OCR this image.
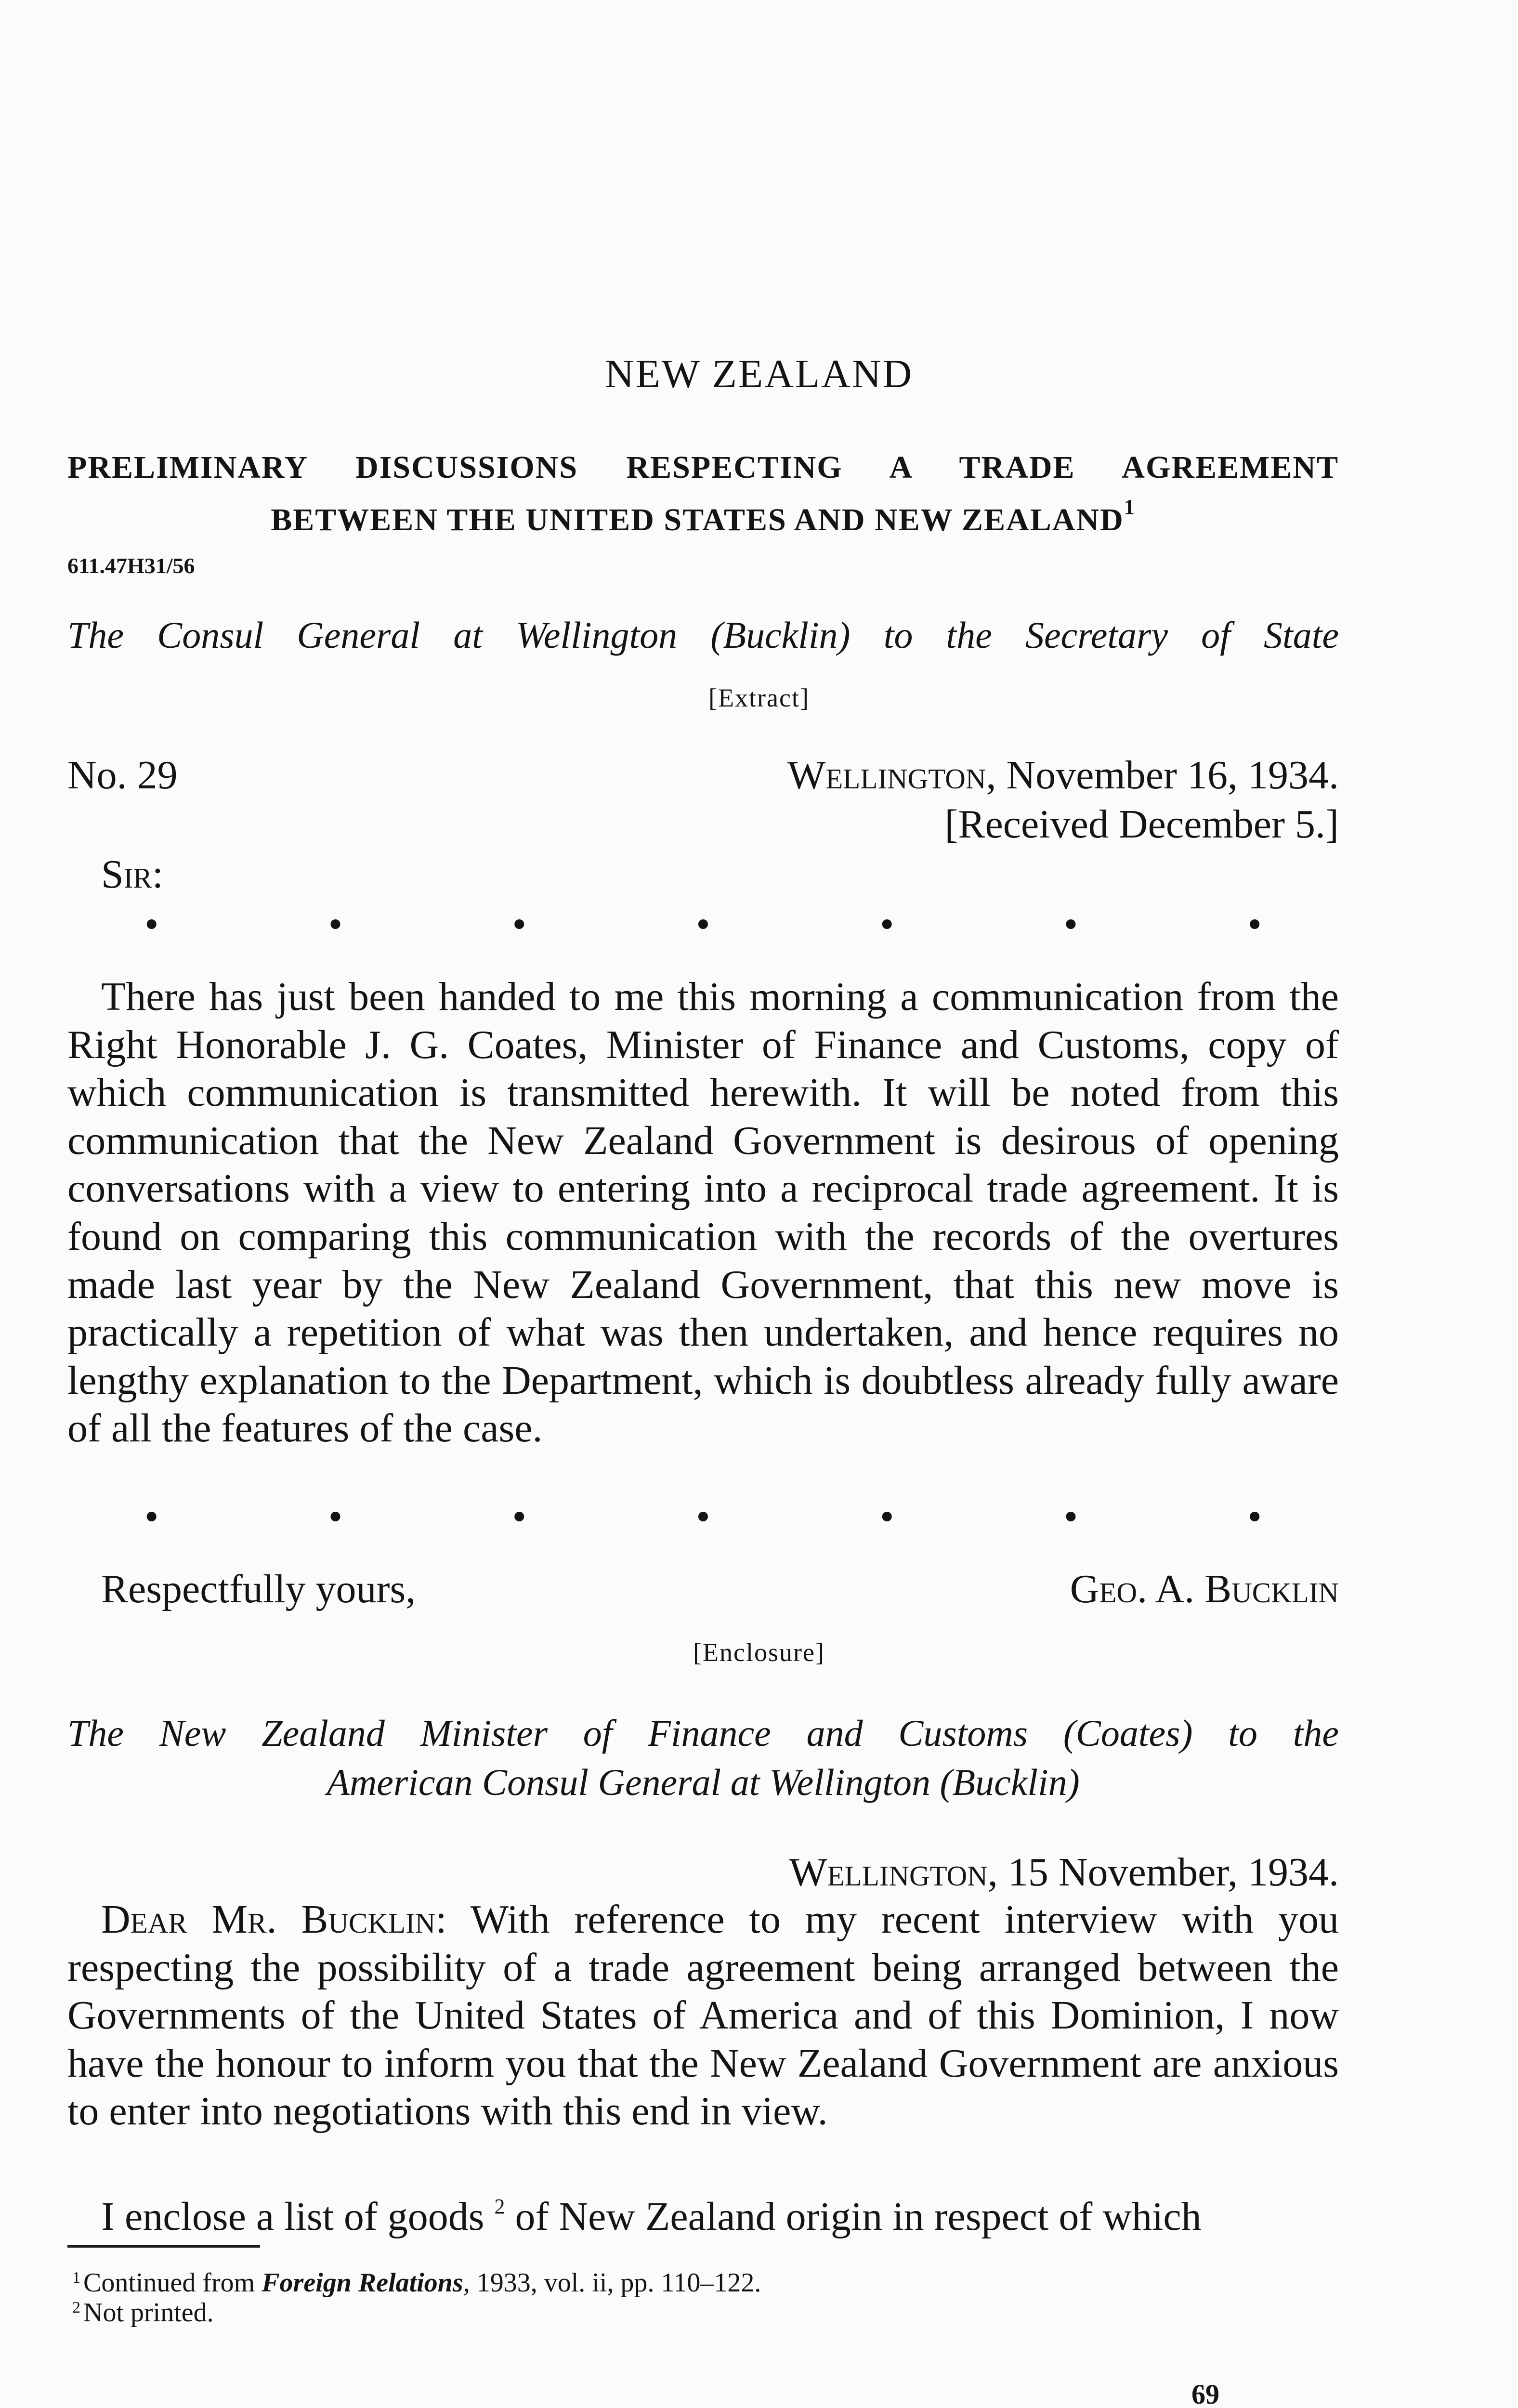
NEW ZEALAND
PRELIMINARY DISCUSSIONS RESPECTING A TRADE AGREEMENT
BETWEEN THE UNITED STATES AND NEW ZEALAND$^1$
611.47H31/56
The Consul General at Wellington (Bucklin) to the Secretary of State
[Extract]
No. 29	Wellington, November 16, 1934.
[Received December 5.]
Sir:
•	•	•	•	•	•	•

There has just been handed to me this morning a communication from the Right Honorable J. G. Coates, Minister of Finance and Customs, copy of which communication is transmitted herewith. It will be noted from this communication that the New Zealand Government is desirous of opening conversations with a view to entering into a reciprocal trade agreement. It is found on comparing this communication with the records of the overtures made last year by the New Zealand Government, that this new move is practically a repetition of what was then undertaken, and hence requires no lengthy explanation to the Department, which is doubtless already fully aware of all the features of the case.

•	•	•	•	•	•	•
Respectfully yours,	Geo. A. Bucklin
[Enclosure]
The New Zealand Minister of Finance and Customs (Coates) to the
American Consul General at Wellington (Bucklin)
Wellington, 15 November, 1934.

Dear Mr. Bucklin: With reference to my recent interview with you respecting the possibility of a trade agreement being arranged between the Governments of the United States of America and of this Dominion, I now have the honour to inform you that the New Zealand Government are anxious to enter into negotiations with this end in view.

I enclose a list of goods $^2$ of New Zealand origin in respect of which

$^1$ Continued from Foreign Relations, 1933, vol. ii, pp. 110–122.
$^2$ Not printed.
69
